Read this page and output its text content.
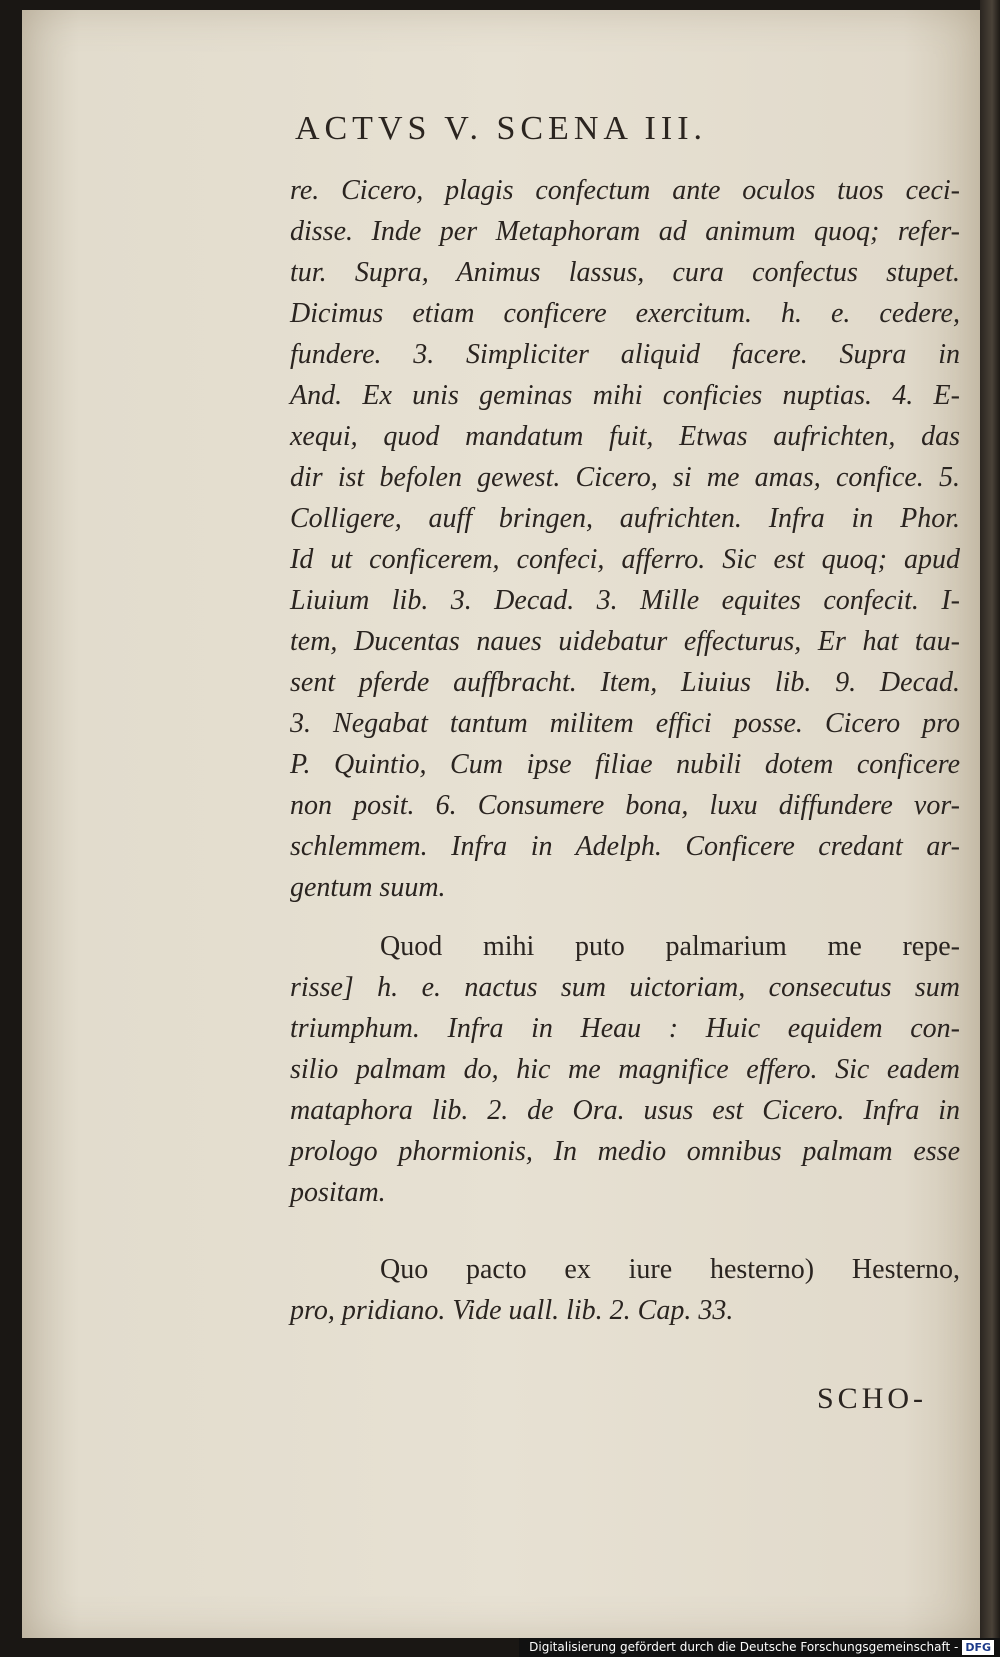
ACTVS V. SCENA III.
re. Cicero, plagis confectum ante oculos tuos ceci-
disse. Inde per Metaphoram ad animum quoq; refer-
tur. Supra, Animus lassus, cura confectus stupet.
Dicimus etiam conficere exercitum. h. e. cedere,
fundere. 3. Simpliciter aliquid facere. Supra in
And. Ex unis geminas mihi conficies nuptias. 4. E-
xequi, quod mandatum fuit, Etwas aufrichten, das
dir ist befolen gewest. Cicero, si me amas, confice. 5.
Colligere, auff bringen, aufrichten. Infra in Phor.
Id ut conficerem, confeci, afferro. Sic est quoq; apud
Liuium lib. 3. Decad. 3. Mille equites confecit. I-
tem, Ducentas naues uidebatur effecturus, Er hat tau-
sent pferde auffbracht. Item, Liuius lib. 9. Decad.
3. Negabat tantum militem effici posse. Cicero pro
P. Quintio, Cum ipse filiae nubili dotem conficere
non posit. 6. Consumere bona, luxu diffundere vor-
schlemmem. Infra in Adelph. Conficere credant ar-
gentum suum.
Quod mihi puto palmarium me repe-
risse] h. e. nactus sum uictoriam, consecutus sum
triumphum. Infra in Heau : Huic equidem con-
silio palmam do, hic me magnifice effero. Sic eadem
mataphora lib. 2. de Ora. usus est Cicero. Infra in
prologo phormionis, In medio omnibus palmam esse
positam.
Quo pacto ex iure hesterno) Hesterno,
pro, pridiano. Vide uall. lib. 2. Cap. 33.
SCHO-
Digitalisierung gefördert durch die Deutsche Forschungsgemeinschaft - DFG
